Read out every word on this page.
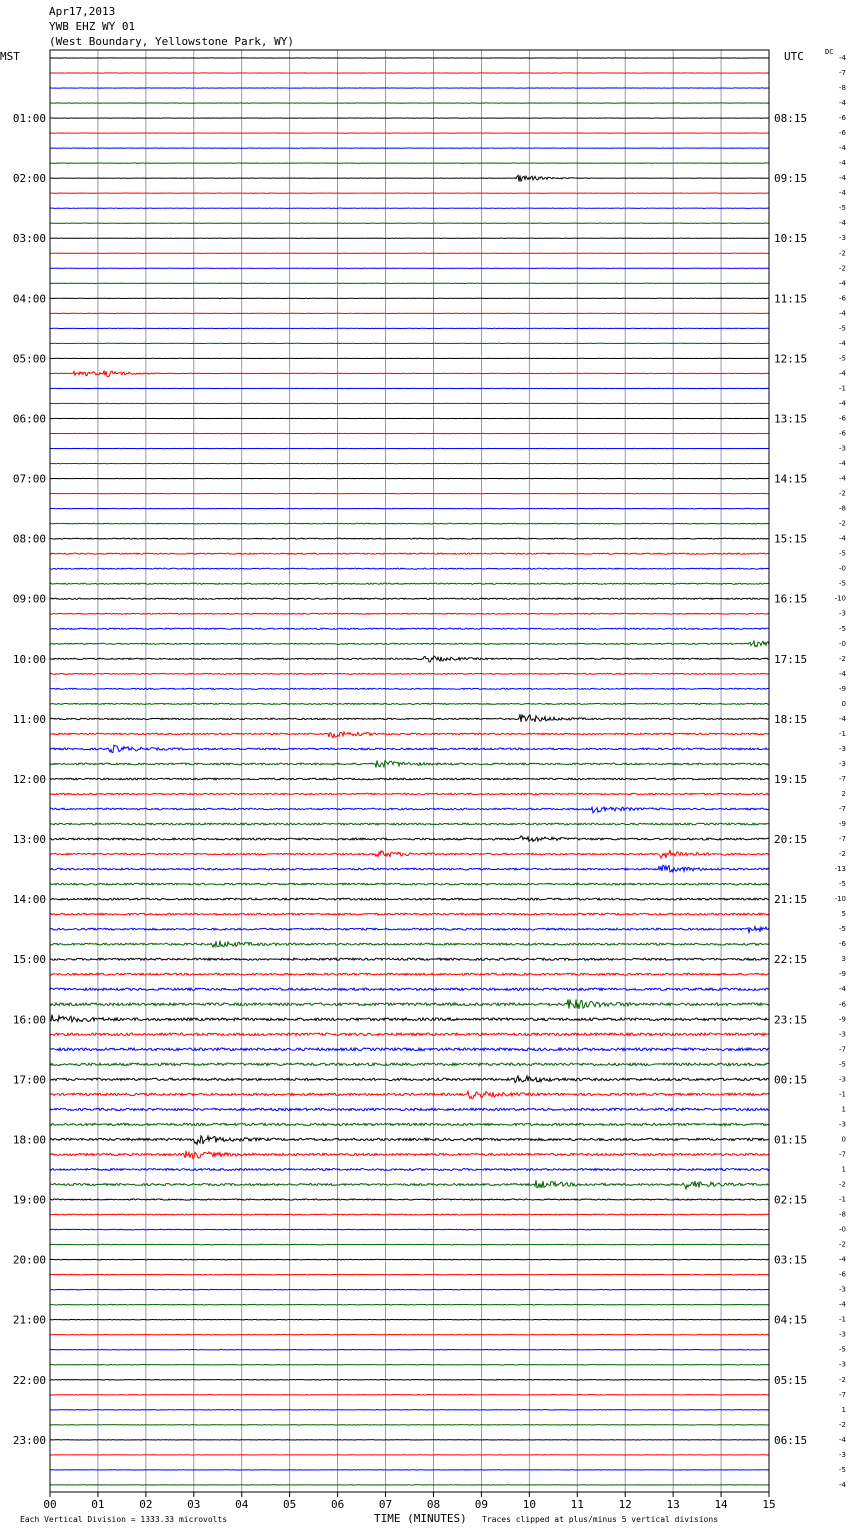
Apr17,2013
YWB EHZ WY 01
(West Boundary, Yellowstone Park, WY)
MST	UTC	DC
01:00
02:00
03:00
04:00
05:00
06:00
07:00
08:00
09:00
10:00
11:00
12:00
13:00
14:00
15:00
16:00
17:00
18:00
19:00
20:00
21:00
22:00
23:00
08:15
09:15
10:15
11:15
12:15
13:15
14:15
15:15
16:15
17:15
18:15
19:15
20:15
21:15
22:15
23:15
00:15
01:15
02:15
03:15
04:15
05:15
06:15
-4
-7
-8
-4
-6
-6
-4
-4
-4
-4
-5
-4
-3
-2
-2
-4
-6
-4
-5
-4
-5
-4
-1
-4
-6
-6
-3
-4
-4
-2
-8
-2
-4
-5
-0
-5
-10
-3
-5
-0
-2
-4
-9
0
-4
-1
-3
-3
-7
2
-7
-9
-7
-2
-13
-5
-10
5
-5
-6
3
-9
-4
-6
-9
-3
-7
-5
-3
-1
1
-3
0
-7
1
-2
-1
-8
-0
-2
-4
-6
-3
-4
-1
-3
-5
-3
-2
-7
1
-2
-4
-3
-5
-4
00	01	02	03	04	05	06	07	08	09	10	11	12	13	14	15
Each Vertical Division = 1333.33 microvolts	TIME (MINUTES) Traces clipped at plus/minus 5 vertical divisions
